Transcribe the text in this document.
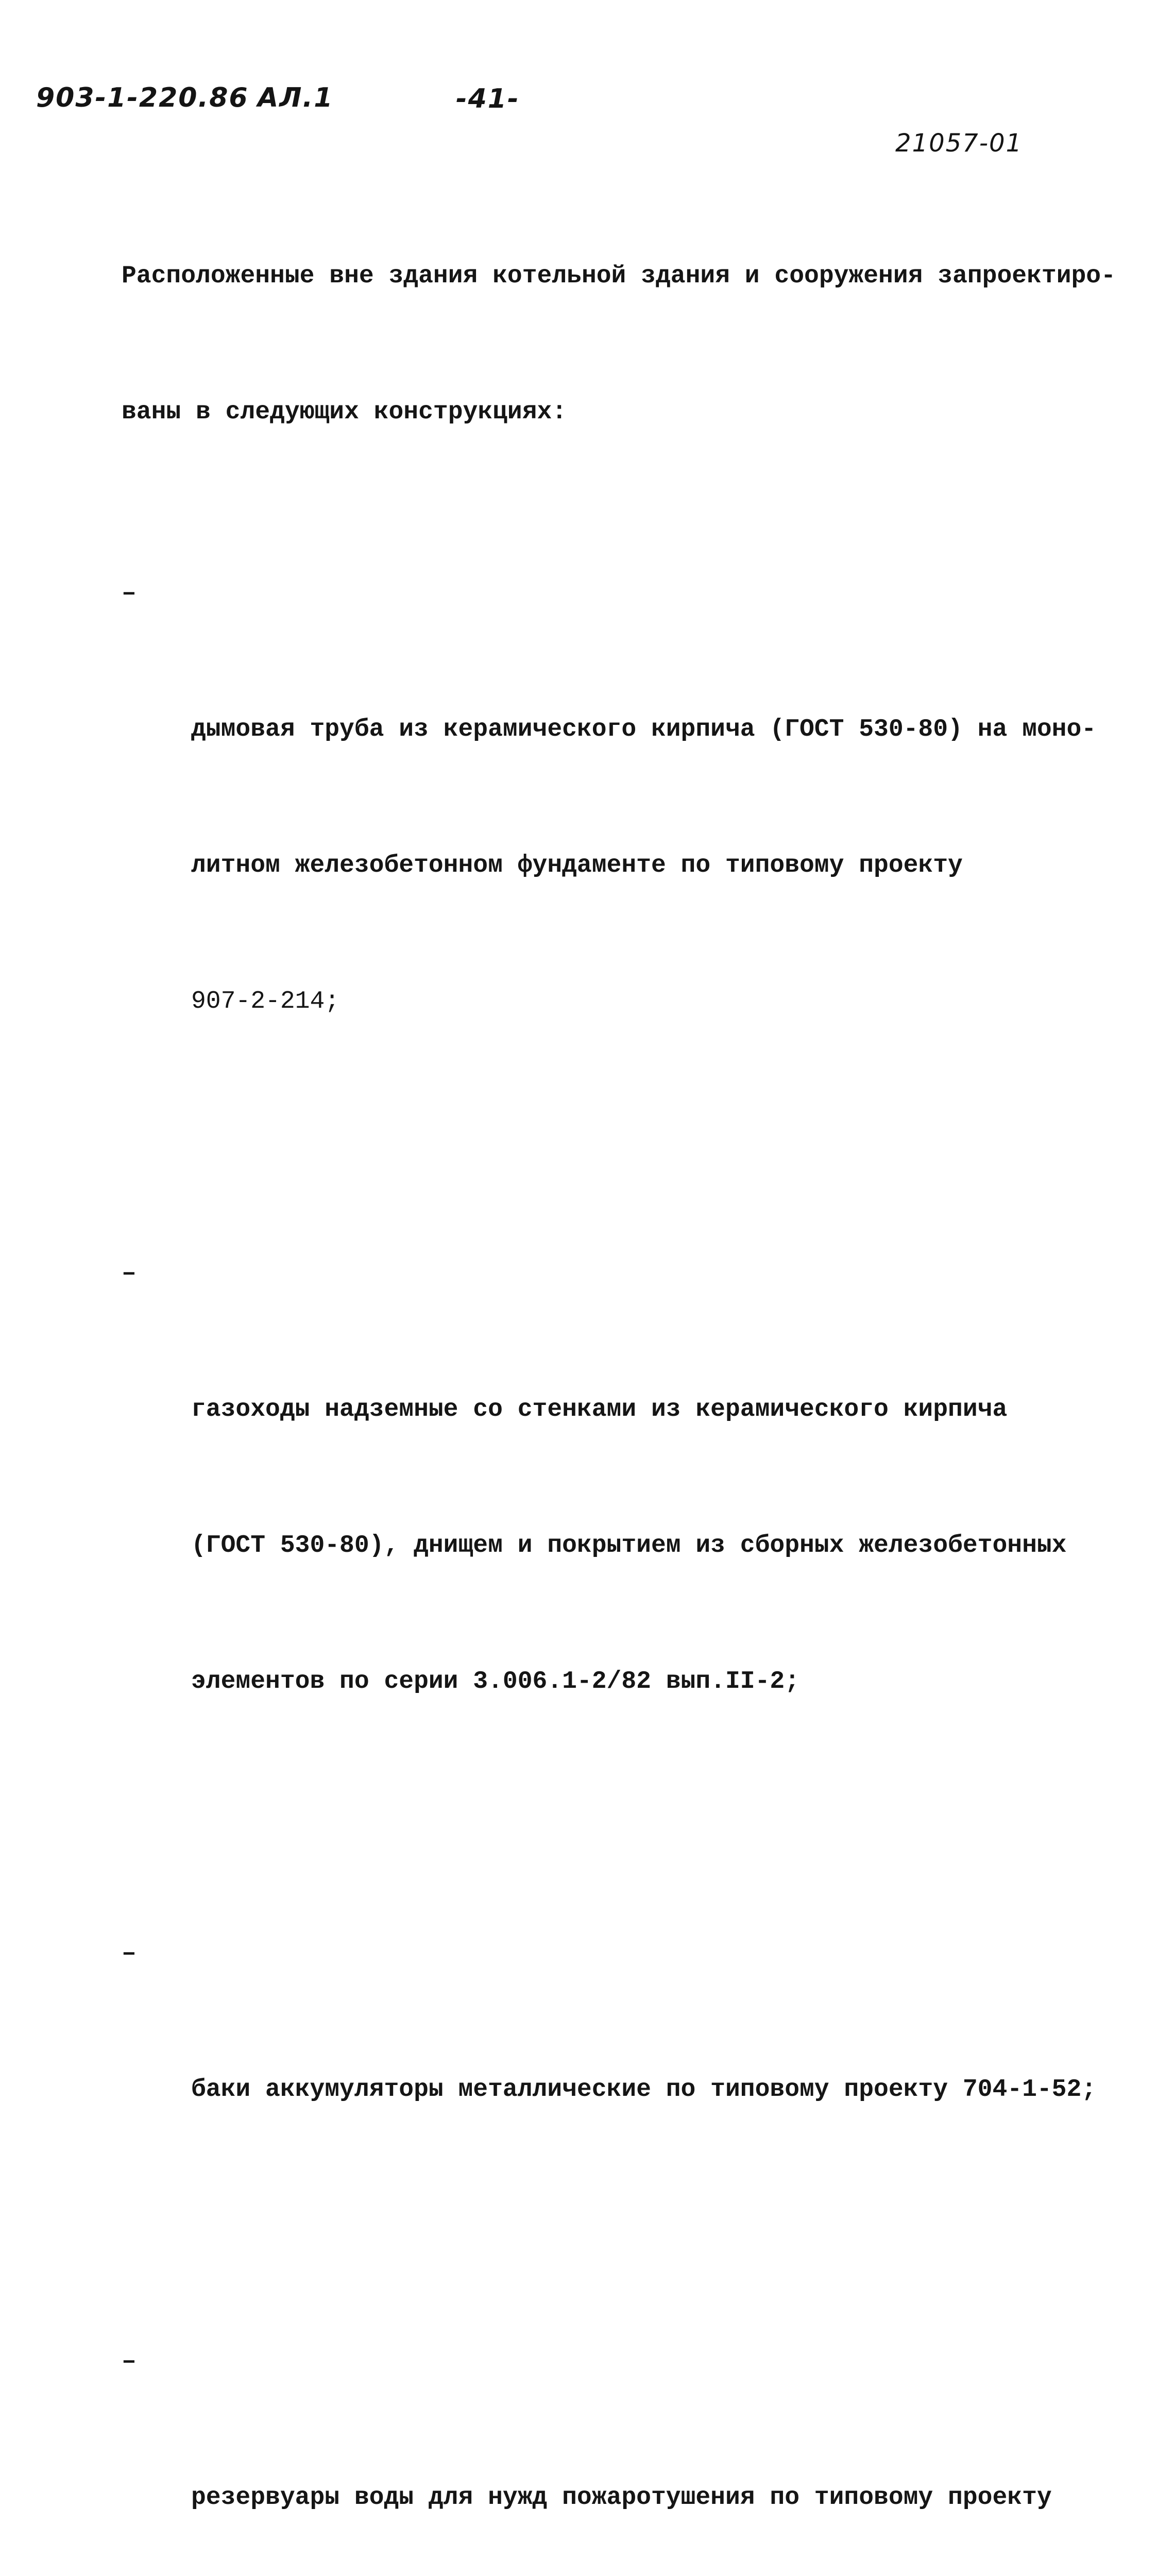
903-1-220.86 АЛ.1	-41-
21057-01

Расположенные вне здания котельной здания и сооружения запроектиро-

ваны в следующих конструкциях:

–

дымовая труба из керамического кирпича (ГОСТ 530-80) на моно-

литном железобетонном фундаменте по типовому проекту

907-2-214;

–

газоходы надземные со стенками из керамического кирпича

(ГОСТ 530-80), днищем и покрытием из сборных железобетонных

элементов по серии 3.006.1-2/82 вып.II-2;

–

баки аккумуляторы металлические по типовому проекту 704-1-52;

–

резервуары воды для нужд пожаротушения по типовому проекту
